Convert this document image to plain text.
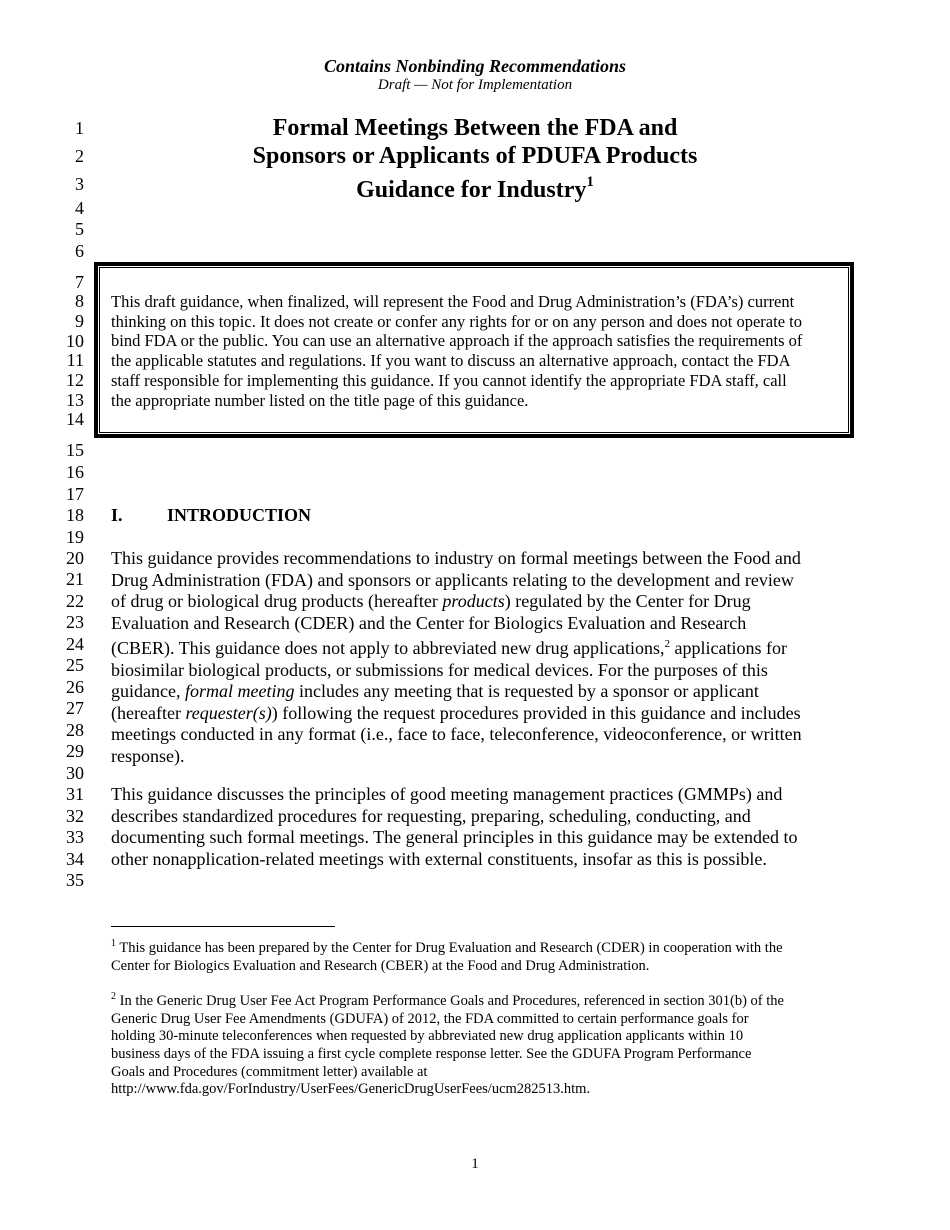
Contains Nonbinding Recommendations
Draft — Not for Implementation
Formal Meetings Between the FDA and
Sponsors or Applicants of PDUFA Products
Guidance for Industry$^1$
1
2
3
4
5
6
7
8
9
10
11
12
13
14
15
16
17
18
19
20
21
22
23
24
25
26
27
28
29
30
31
32
33
34
35
This draft guidance, when finalized, will represent the Food and Drug Administration’s (FDA’s) current
thinking on this topic. It does not create or confer any rights for or on any person and does not operate to
bind FDA or the public. You can use an alternative approach if the approach satisfies the requirements of
the applicable statutes and regulations. If you want to discuss an alternative approach, contact the FDA
staff responsible for implementing this guidance. If you cannot identify the appropriate FDA staff, call
the appropriate number listed on the title page of this guidance.
I. INTRODUCTION
This guidance provides recommendations to industry on formal meetings between the Food and
Drug Administration (FDA) and sponsors or applicants relating to the development and review
of drug or biological drug products (hereafter products) regulated by the Center for Drug
Evaluation and Research (CDER) and the Center for Biologics Evaluation and Research
(CBER). This guidance does not apply to abbreviated new drug applications,$^2$ applications for
biosimilar biological products, or submissions for medical devices. For the purposes of this
guidance, formal meeting includes any meeting that is requested by a sponsor or applicant
(hereafter requester(s)) following the request procedures provided in this guidance and includes
meetings conducted in any format (i.e., face to face, teleconference, videoconference, or written
response).
This guidance discusses the principles of good meeting management practices (GMMPs) and
describes standardized procedures for requesting, preparing, scheduling, conducting, and
documenting such formal meetings. The general principles in this guidance may be extended to
other nonapplication-related meetings with external constituents, insofar as this is possible.
$^1$ This guidance has been prepared by the Center for Drug Evaluation and Research (CDER) in cooperation with the
Center for Biologics Evaluation and Research (CBER) at the Food and Drug Administration.
$^2$ In the Generic Drug User Fee Act Program Performance Goals and Procedures, referenced in section 301(b) of the
Generic Drug User Fee Amendments (GDUFA) of 2012, the FDA committed to certain performance goals for
holding 30-minute teleconferences when requested by abbreviated new drug application applicants within 10
business days of the FDA issuing a first cycle complete response letter. See the GDUFA Program Performance
Goals and Procedures (commitment letter) available at
http://www.fda.gov/ForIndustry/UserFees/GenericDrugUserFees/ucm282513.htm.
1
